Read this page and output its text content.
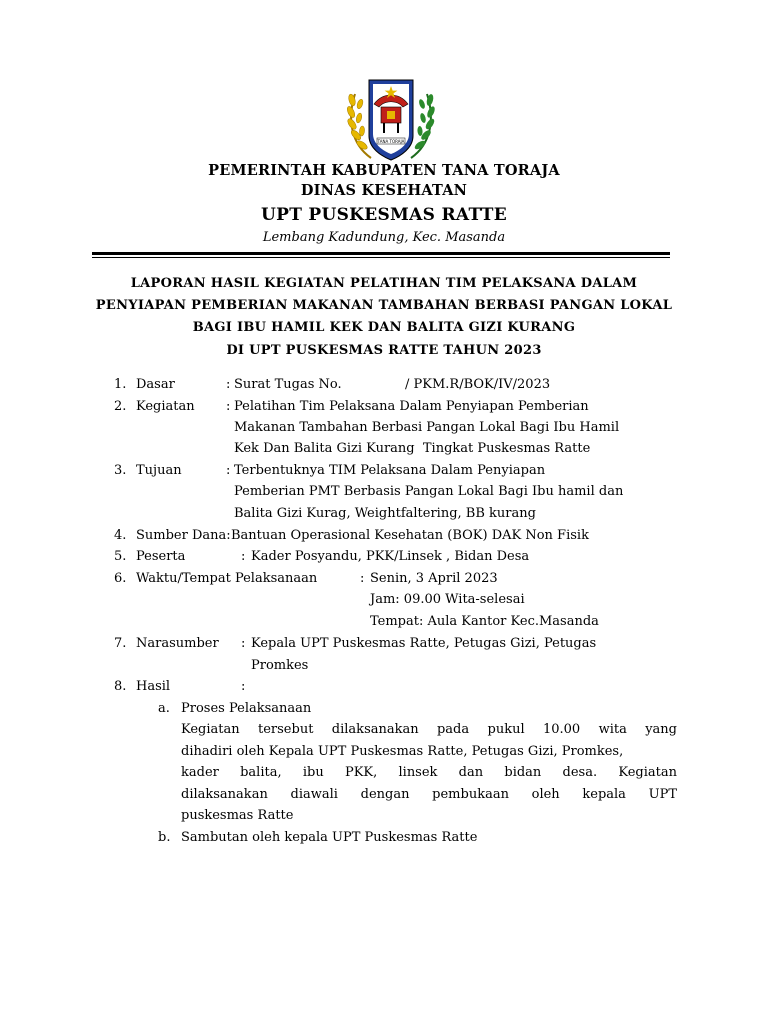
TANA TORAJA
PEMERINTAH KABUPATEN TANA TORAJA
DINAS KESEHATAN
UPT PUSKESMAS RATTE
Lembang Kadundung, Kec. Masanda
LAPORAN HASIL KEGIATAN PELATIHAN TIM PELAKSANA DALAM
PENYIAPAN PEMBERIAN MAKANAN TAMBAHAN BERBASI PANGAN LOKAL
BAGI IBU HAMIL KEK DAN BALITA GIZI KURANG
DI UPT PUSKESMAS RATTE TAHUN 2023
1. Dasar	: Surat Tugas No.	/ PKM.R/BOK/IV/2023
2. Kegiatan : Pelatihan Tim Pelaksana Dalam Penyiapan Pemberian
Makanan Tambahan Berbasi Pangan Lokal Bagi Ibu Hamil
Kek Dan Balita Gizi Kurang  Tingkat Puskesmas Ratte
3. Tujuan	: Terbentuknya TIM Pelaksana Dalam Penyiapan
Pemberian PMT Berbasis Pangan Lokal Bagi Ibu hamil dan
Balita Gizi Kurag, Weightfaltering, BB kurang
4. Sumber Dana: Bantuan Operasional Kesehatan (BOK) DAK Non Fisik
5. Peserta	: Kader Posyandu, PKK/Linsek , Bidan Desa
6. Waktu/Tempat Pelaksanaan	: Senin, 3 April 2023
Jam: 09.00 Wita-selesai
Tempat: Aula Kantor Kec.Masanda
7. Narasumber : Kepala UPT Puskesmas Ratte, Petugas Gizi, Petugas
Promkes
8. Hasil	:
a. Proses Pelaksanaan
Kegiatan tersebut dilaksanakan pada pukul 10.00 wita yang
dihadiri oleh Kepala UPT Puskesmas Ratte, Petugas Gizi, Promkes,
kader balita, ibu PKK, linsek dan bidan desa. Kegiatan
dilaksanakan diawali dengan pembukaan oleh kepala UPT
puskesmas Ratte
b. Sambutan oleh kepala UPT Puskesmas Ratte
